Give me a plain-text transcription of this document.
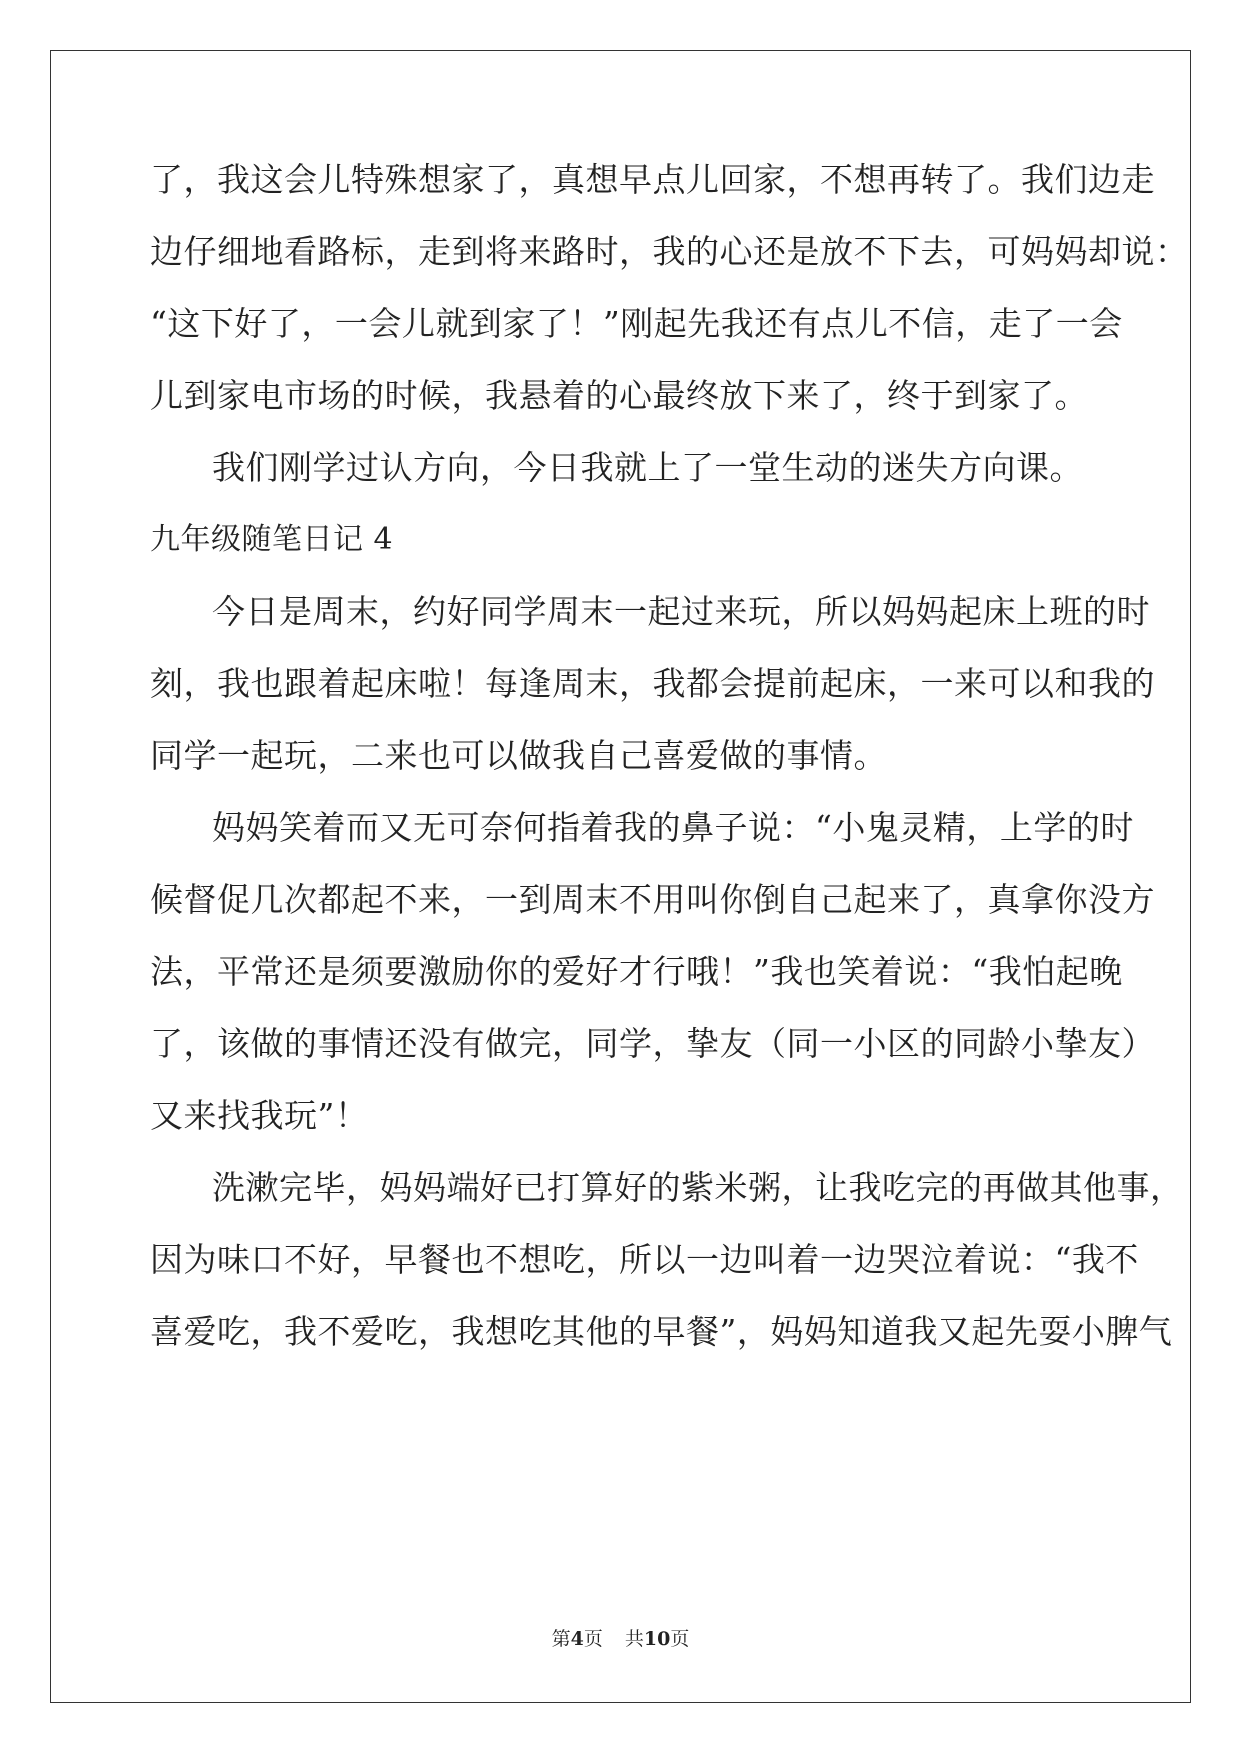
了，我这会儿特殊想家了，真想早点儿回家，不想再转了。我们边走
边仔细地看路标，走到将来路时，我的心还是放不下去，可妈妈却说：
“这下好了，一会儿就到家了！”刚起先我还有点儿不信，走了一会
儿到家电市场的时候，我悬着的心最终放下来了，终于到家了。
我们刚学过认方向，今日我就上了一堂生动的迷失方向课。
九年级随笔日记 4
今日是周末，约好同学周末一起过来玩，所以妈妈起床上班的时
刻，我也跟着起床啦！每逢周末，我都会提前起床，一来可以和我的
同学一起玩，二来也可以做我自己喜爱做的事情。
妈妈笑着而又无可奈何指着我的鼻子说：“小鬼灵精，上学的时
候督促几次都起不来，一到周末不用叫你倒自己起来了，真拿你没方
法，平常还是须要激励你的爱好才行哦！”我也笑着说：“我怕起晚
了，该做的事情还没有做完，同学，挚友（同一小区的同龄小挚友）
又来找我玩”！
洗漱完毕，妈妈端好已打算好的紫米粥，让我吃完的再做其他事，
因为味口不好，早餐也不想吃，所以一边叫着一边哭泣着说：“我不
喜爱吃，我不爱吃，我想吃其他的早餐”，妈妈知道我又起先耍小脾气
第4页 共10页
